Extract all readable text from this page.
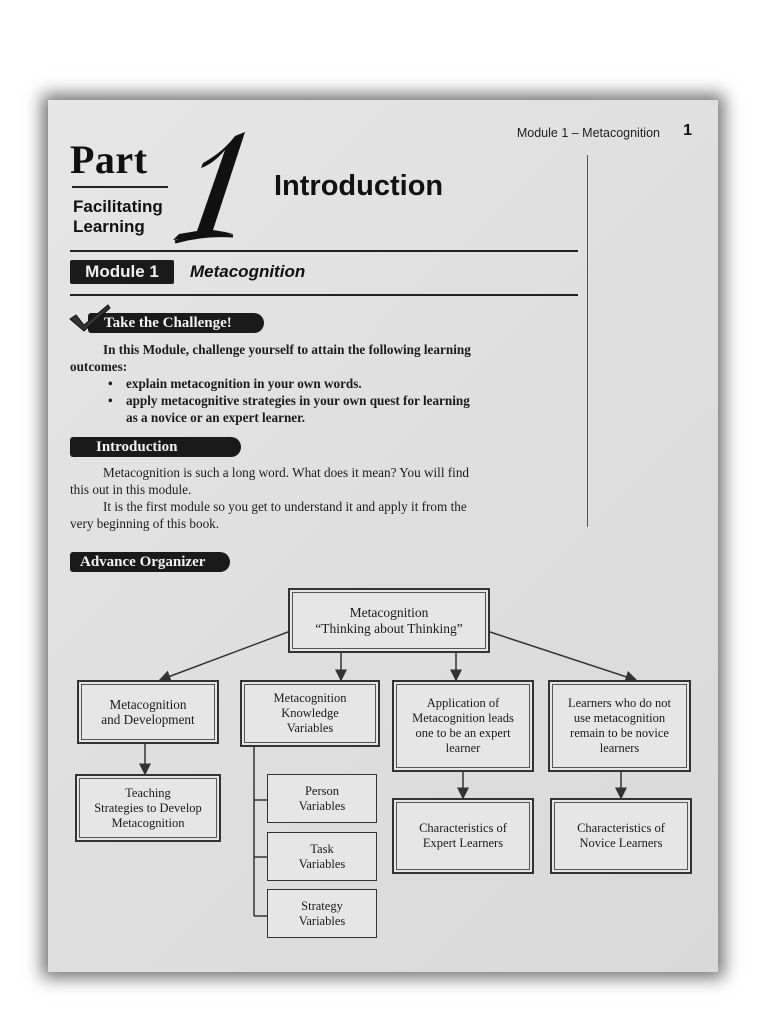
Module 1 – Metacognition 1
Part
Facilitating
Learning
Introduction
Module 1	Metacognition
Take the Challenge!
In this Module, challenge yourself to attain the following learning
outcomes:
• explain metacognition in your own words.
• apply metacognitive strategies in your own quest for learning
as a novice or an expert learner.
Introduction
Metacognition is such a long word. What does it mean? You will find
this out in this module.
It is the first module so you get to understand it and apply it from the
very beginning of this book.
Advance Organizer
Metacognition
“Thinking about Thinking”
Metacognition
and Development
Teaching
Strategies to Develop
Metacognition
Metacognition
Knowledge
Variables
Person
Variables
Task
Variables
Strategy
Variables
Application of
Metacognition leads
one to be an expert
learner
Characteristics of
Expert Learners
Learners who do not
use metacognition
remain to be novice
learners
Characteristics of
Novice Learners
